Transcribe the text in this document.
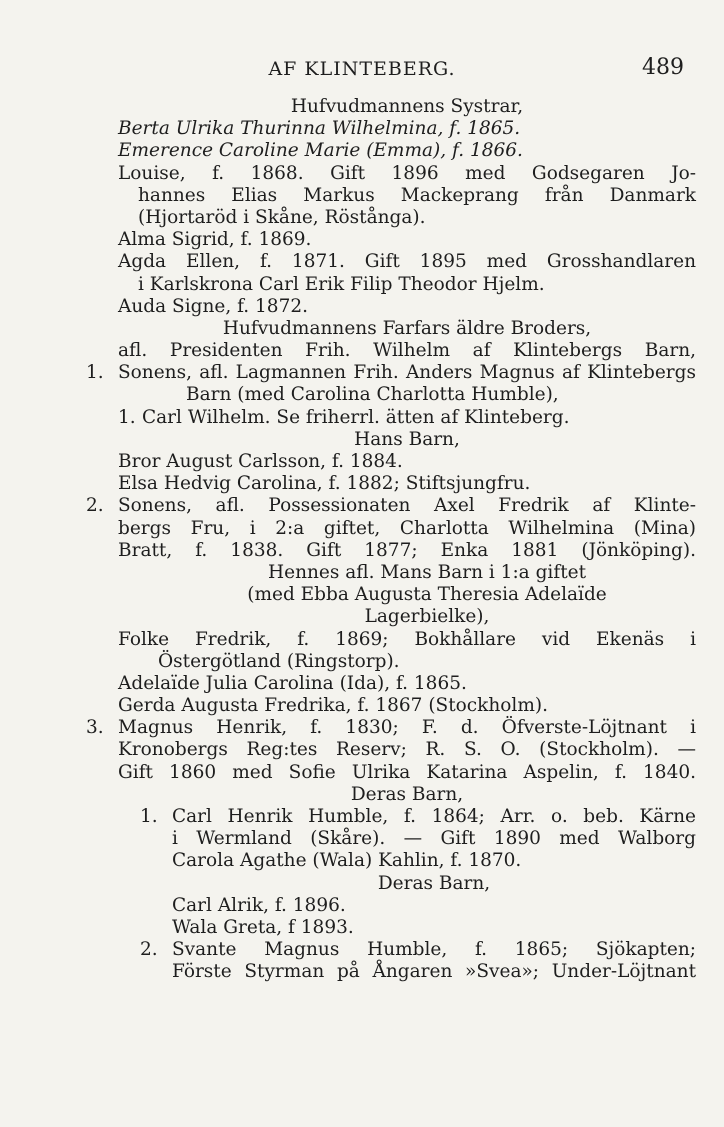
AF KLINTEBERG.	489
Hufvudmannens Systrar,
Berta Ulrika Thurinna Wilhelmina, f. 1865.
Emerence Caroline Marie (Emma), f. 1866.
Louise, f. 1868. Gift 1896 med Godsegaren Jo-
hannes Elias Markus Mackeprang från Danmark
(Hjortaröd i Skåne, Röstånga).
Alma Sigrid, f. 1869.
Agda Ellen, f. 1871. Gift 1895 med Grosshandlaren
i Karlskrona Carl Erik Filip Theodor Hjelm.
Auda Signe, f. 1872.
Hufvudmannens Farfars äldre Broders,
afl. Presidenten Frih. Wilhelm af Klintebergs Barn,
1. Sonens, afl. Lagmannen Frih. Anders Magnus af Klintebergs
Barn (med Carolina Charlotta Humble),
1. Carl Wilhelm. Se friherrl. ätten af Klinteberg.
Hans Barn,
Bror August Carlsson, f. 1884.
Elsa Hedvig Carolina, f. 1882; Stiftsjungfru.
2. Sonens, afl. Possessionaten Axel Fredrik af Klinte-
bergs Fru, i 2:a giftet, Charlotta Wilhelmina (Mina)
Bratt, f. 1838. Gift 1877; Enka 1881 (Jönköping).
Hennes afl. Mans Barn i 1:a giftet
(med Ebba Augusta Theresia Adelaïde
Lagerbielke),
Folke Fredrik, f. 1869; Bokhållare vid Ekenäs i
Östergötland (Ringstorp).
Adelaïde Julia Carolina (Ida), f. 1865.
Gerda Augusta Fredrika, f. 1867 (Stockholm).
3. Magnus Henrik, f. 1830; F. d. Öfverste-Löjtnant i
Kronobergs Reg:tes Reserv; R. S. O. (Stockholm). —
Gift 1860 med Sofie Ulrika Katarina Aspelin, f. 1840.
Deras Barn,
1. Carl Henrik Humble, f. 1864; Arr. o. beb. Kärne
i Wermland (Skåre). — Gift 1890 med Walborg
Carola Agathe (Wala) Kahlin, f. 1870.
Deras Barn,
Carl Alrik, f. 1896.
Wala Greta, f 1893.
2. Svante Magnus Humble, f. 1865; Sjökapten;
Förste Styrman på Ångaren »Svea»; Under-Löjtnant
